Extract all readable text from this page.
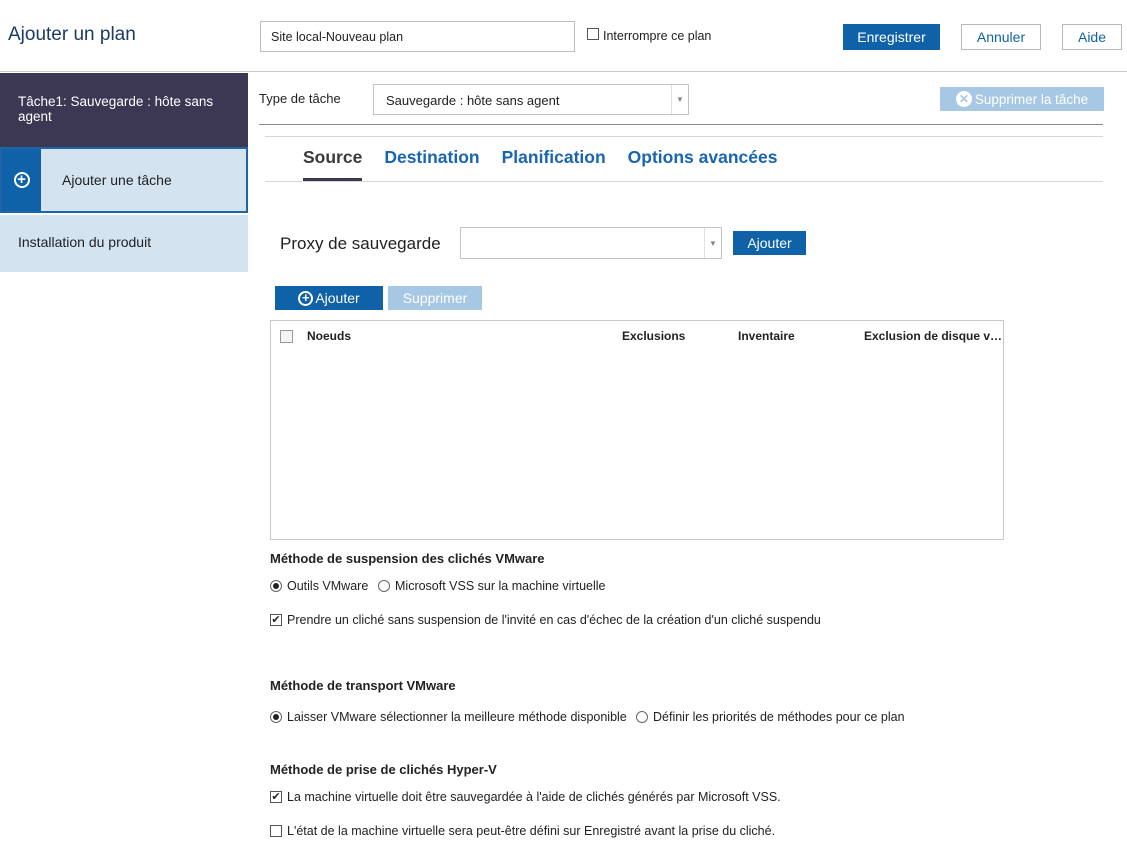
Ajouter un plan
Site local-Nouveau plan	Interrompre ce plan	Enregistrer	Annuler	Aide
Tâche1: Sauvegarde : hôte sans agent
+	Ajouter une tâche
Installation du produit
Type de tâche	Sauvegarde : hôte sans agent	▼	✕ Supprimer la tâche
Source Destination Planification Options avancées
Proxy de sauvegarde	▼	Ajouter
+ Ajouter	Supprimer
Noeuds	Exclusions	Inventaire	Exclusion de disque v…
Méthode de suspension des clichés VMware
Outils VMware Microsoft VSS sur la machine virtuelle
✔ Prendre un cliché sans suspension de l'invité en cas d'échec de la création d'un cliché suspendu
Méthode de transport VMware
Laisser VMware sélectionner la meilleure méthode disponible Définir les priorités de méthodes pour ce plan
Méthode de prise de clichés Hyper-V
✔ La machine virtuelle doit être sauvegardée à l'aide de clichés générés par Microsoft VSS.
L'état de la machine virtuelle sera peut-être défini sur Enregistré avant la prise du cliché.
